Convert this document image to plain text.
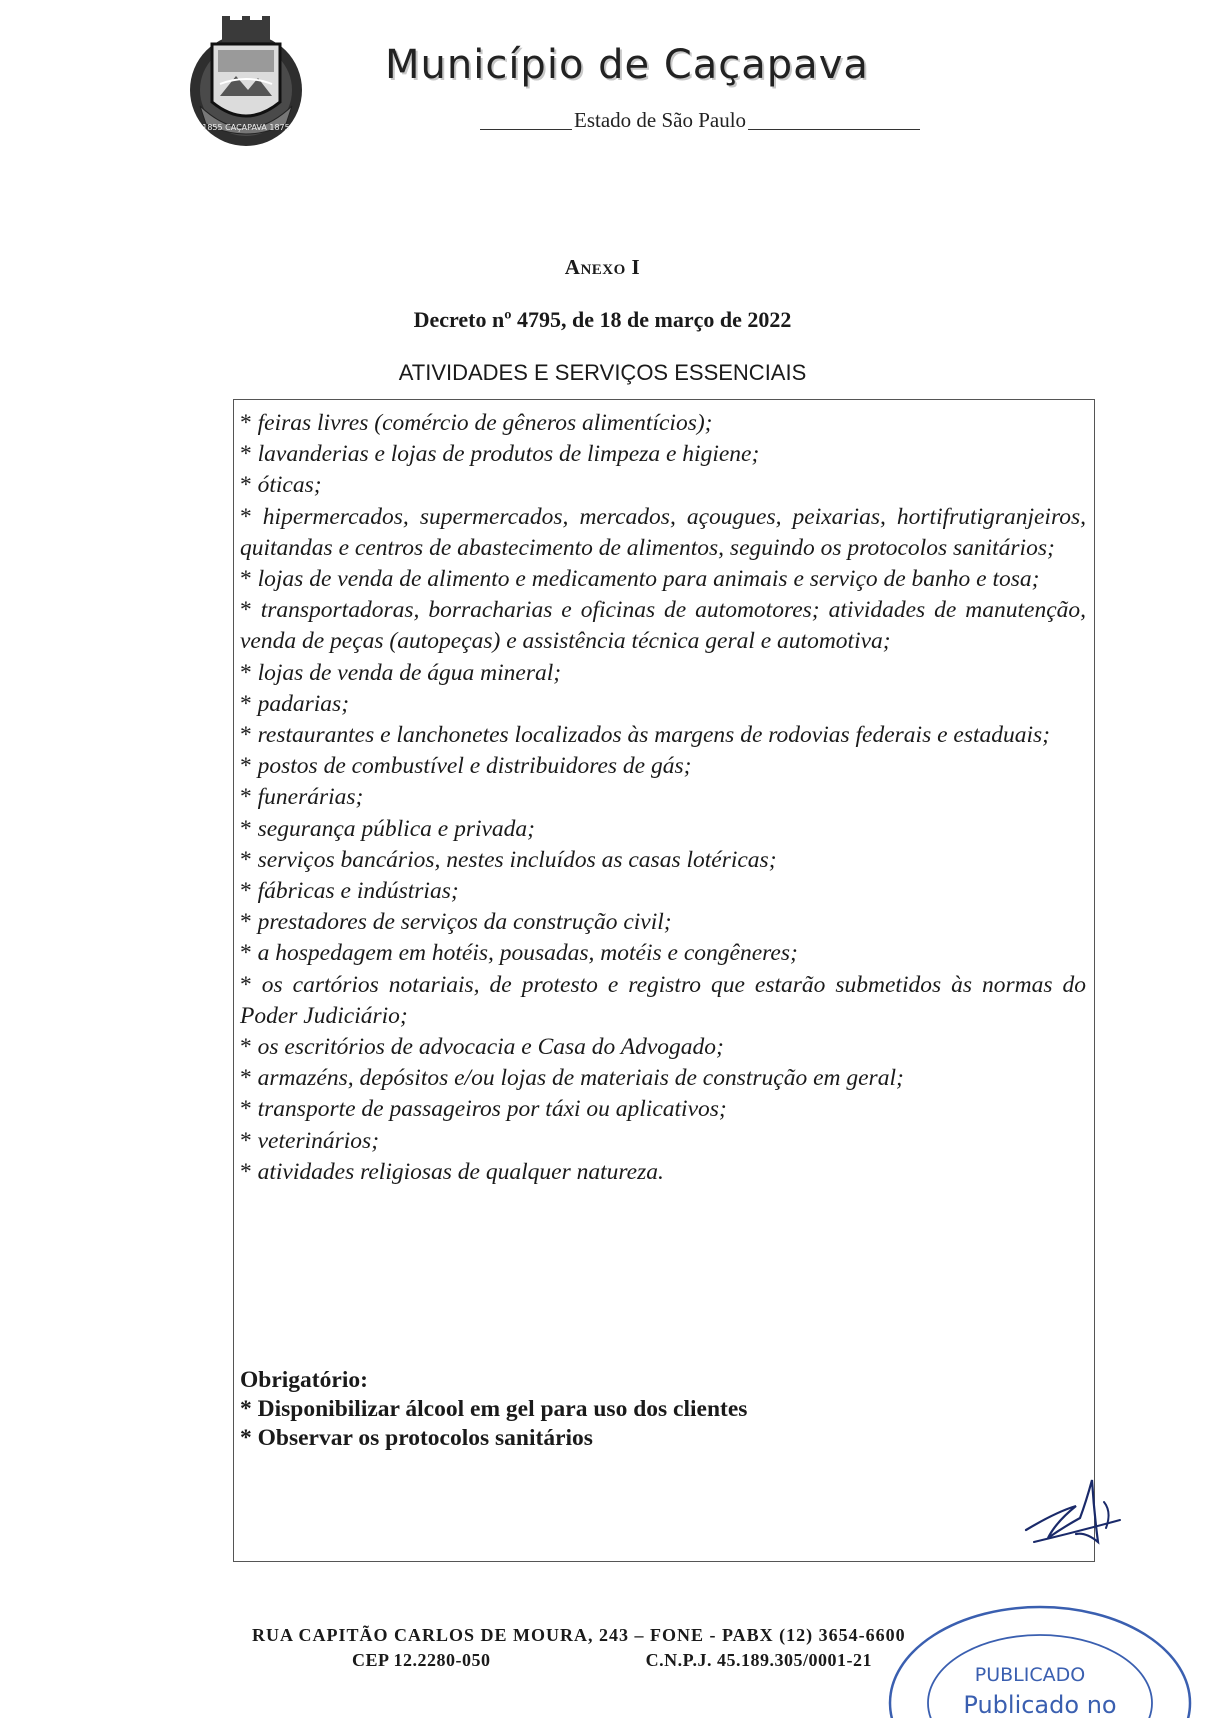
1855 CAÇAPAVA 1875
Município de Caçapava
Estado de São Paulo
Anexo I
Decreto nº 4795, de 18 de março de 2022
ATIVIDADES E SERVIÇOS ESSENCIAIS
* feiras livres (comércio de gêneros alimentícios);
* lavanderias e lojas de produtos de limpeza e higiene;
* óticas;
* hipermercados, supermercados, mercados, açougues, peixarias, hortifrutigranjeiros, quitandas e centros de abastecimento de alimentos, seguindo os protocolos sanitários;
* lojas de venda de alimento e medicamento para animais e serviço de banho e tosa;
* transportadoras, borracharias e oficinas de automotores; atividades de manutenção, venda de peças (autopeças) e assistência técnica geral e automotiva;
* lojas de venda de água mineral;
* padarias;
* restaurantes e lanchonetes localizados às margens de rodovias federais e estaduais;
* postos de combustível e distribuidores de gás;
* funerárias;
* segurança pública e privada;
* serviços bancários, nestes incluídos as casas lotéricas;
* fábricas e indústrias;
* prestadores de serviços da construção civil;
* a hospedagem em hotéis, pousadas, motéis e congêneres;
* os cartórios notariais, de protesto e registro que estarão submetidos às normas do Poder Judiciário;
* os escritórios de advocacia e Casa do Advogado;
* armazéns, depósitos e/ou lojas de materiais de construção em geral;
* transporte de passageiros por táxi ou aplicativos;
* veterinários;
* atividades religiosas de qualquer natureza.

Obrigatório:

* Disponibilizar álcool em gel para uso dos clientes
* Observar os protocolos sanitários
RUA CAPITÃO CARLOS DE MOURA, 243 – FONE - PABX (12) 3654-6600
CEP 12.2280-050	C.N.P.J. 45.189.305/0001-21
PUBLICADO
Publicado no
